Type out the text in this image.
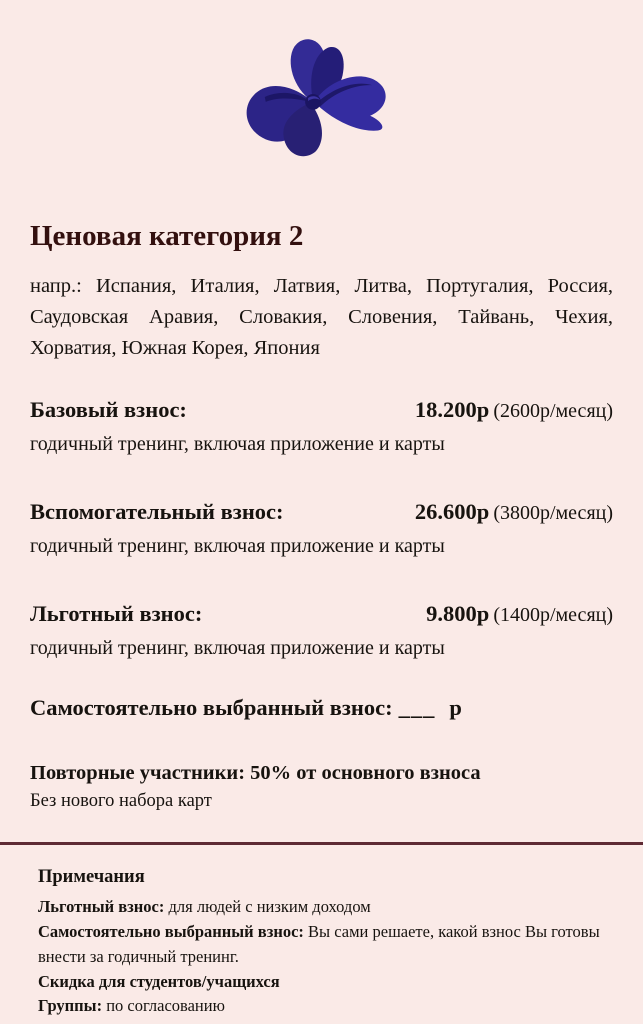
Ценовая категория 2

напр.: Испания, Италия, Латвия, Литва, Португалия, Россия, Саудовская Аравия, Словакия, Словения, Тайвань, Чехия, Хорватия, Южная Корея, Япония

Базовый взнос:	18.200р (2600р/месяц)
годичный тренинг, включая приложение и карты
Вспомогательный взнос:	26.600р (3800р/месяц)
годичный тренинг, включая приложение и карты
Льготный взнос:	9.800р (1400р/месяц)
годичный тренинг, включая приложение и карты
Самостоятельно выбранный взнос: ___ р
Повторные участники: 50% от основного взноса
Без нового набора карт
Примечания

Льготный взнос: для людей с низким доходом

Самостоятельно выбранный взнос: Вы сами решаете, какой взнос Вы готовы внести за годичный тренинг.

Скидка для студентов/учащихся

Группы: по согласованию
